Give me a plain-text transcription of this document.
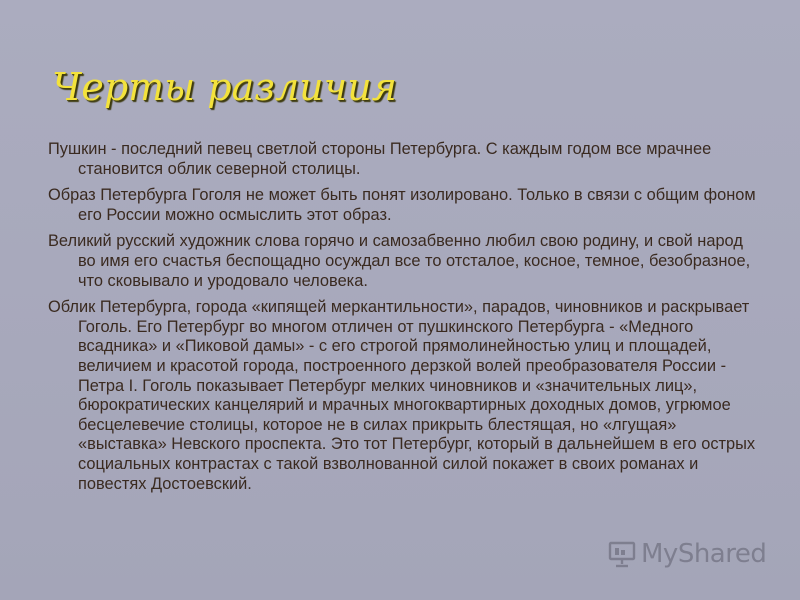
Черты различия

Пушкин - последний певец светлой стороны Петербурга. С каждым годом все мрачнее становится облик северной столицы.

Образ Петербурга Гоголя не может быть понят изолировано. Только в связи с общим фоном его России можно осмыслить этот образ.

Великий русский художник слова горячо и самозабвенно любил свою родину, и свой народ во имя его счастья беспощадно осуждал все то отсталое, косное, темное, безобразное, что сковывало и уродовало человека.

Облик Петербурга, города «кипящей меркантильности», парадов, чиновников и раскрывает Гоголь. Его Петербург во многом отличен от пушкинского Петербурга - «Медного всадника» и «Пиковой дамы» - с его строгой прямолинейностью улиц и площадей, величием и красотой города, построенного дерзкой волей преобразователя России - Петра I. Гоголь показывает Петербург мелких чиновников и «значительных лиц», бюрократических канцелярий и мрачных многоквартирных доходных домов, угрюмое бесцелевечие столицы, которое не в силах прикрыть блестящая, но «лгущая» «выставка» Невского проспекта. Это тот Петербург, который в дальнейшем в его острых социальных контрастах с такой взволнованной силой покажет в своих романах и повестях Достоевский.

MyShared
